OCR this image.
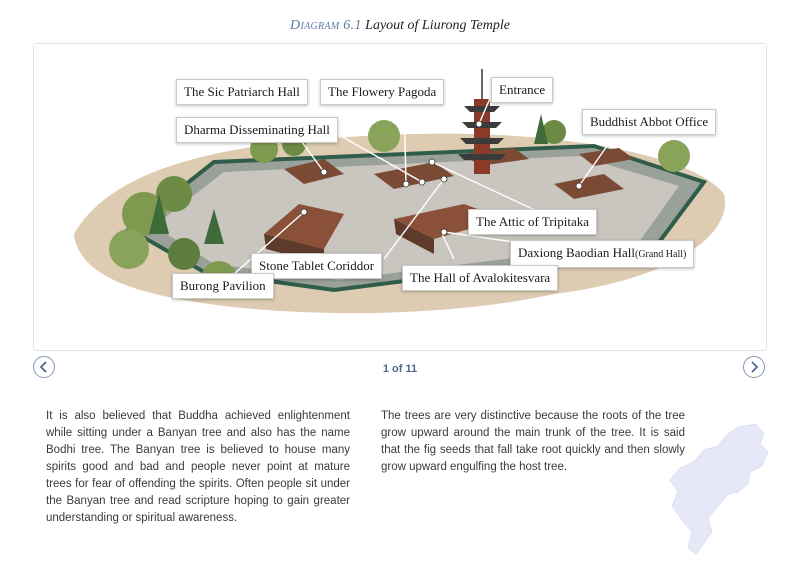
Diagram 6.1 Layout of Liurong Temple
The Sic Patriarch Hall	The Flowery Pagoda	Entrance
Buddhist Abbot Office
Dharma Disseminating Hall
The Attic of Tripitaka
Daxiong Baodian Hall(Grand Hall)
Stone Tablet Coriddor
The Hall of Avalokitesvara
Burong Pavilion
1 of 11
It is also believed that Buddha achieved enlightenment while sitting under a Banyan tree and also has the name Bodhi tree. The Banyan tree is believed to house many spirits good and bad and people never point at mature trees for fear of offending the spirits. Often people sit under the Banyan tree and read scripture hoping to gain greater understanding or spiritual awareness.
The trees are very distinctive because the roots of the tree grow upward around the main trunk of the tree. It is said that the fig seeds that fall take root quickly and then slowly grow upward engulfing the host tree.
